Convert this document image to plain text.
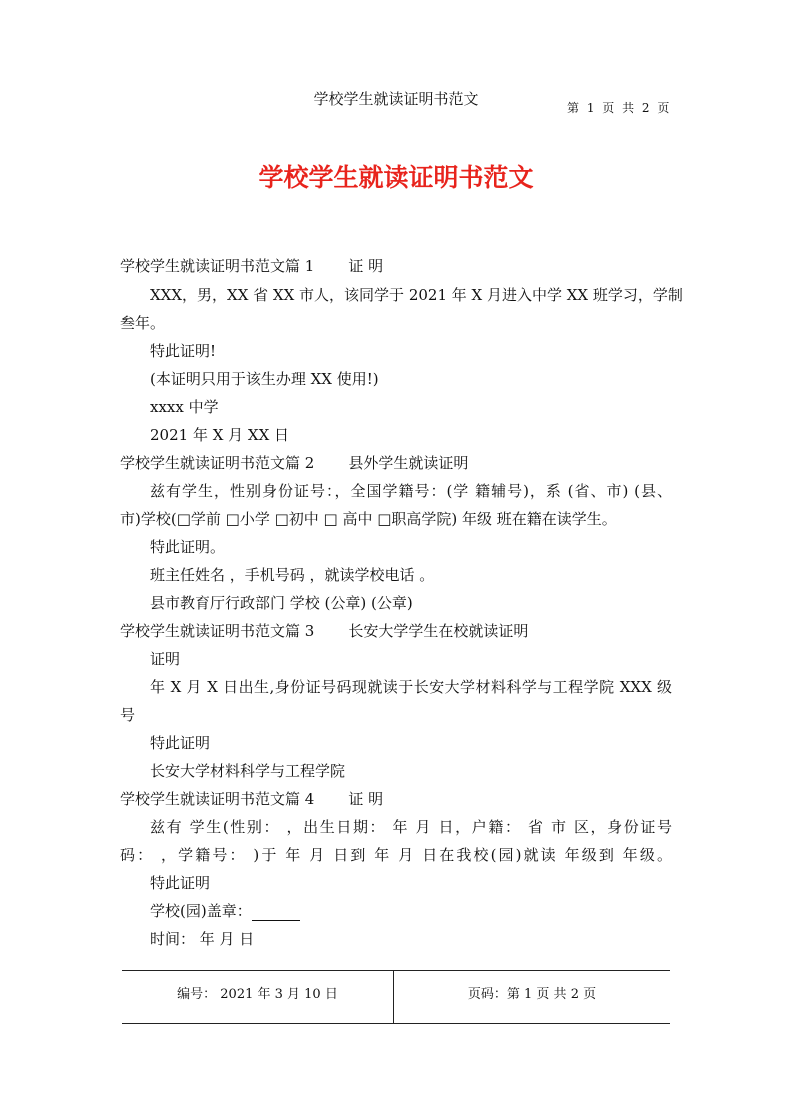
学校学生就读证明书范文	第 1 页 共 2 页
学校学生就读证明书范文
学校学生就读证明书范文篇 1 证 明
XXX，男，XX 省 XX 市人，该同学于 2021 年 X 月进入中学 XX 班学习，学制
叁年。
特此证明!
(本证明只用于该生办理 XX 使用!)
xxxx 中学
2021 年 X 月 XX 日
学校学生就读证明书范文篇 2 县外学生就读证明
兹有学生，性别身份证号：，全国学籍号：(学 籍辅号)，系 (省、市) (县、
市)学校(□学前 □小学 □初中 □ 高中 □职高学院) 年级 班在籍在读学生。
特此证明。
班主任姓名 ，手机号码 ，就读学校电话 。
县市教育厅行政部门 学校 (公章) (公章)
学校学生就读证明书范文篇 3 长安大学学生在校就读证明
证明
年 X 月 X 日出生,身份证号码现就读于长安大学材料科学与工程学院 XXX 级
号
特此证明
长安大学材料科学与工程学院
学校学生就读证明书范文篇 4 证 明
兹有 学生(性别： ，出生日期： 年 月 日，户籍： 省 市 区，身份证号
码： ，学籍号： )于 年 月 日到 年 月 日在我校(园)就读 年级到 年级。
特此证明
学校(园)盖章：
时间： 年 月 日
编号： 2021 年 3 月 10 日	页码：第 1 页 共 2 页
